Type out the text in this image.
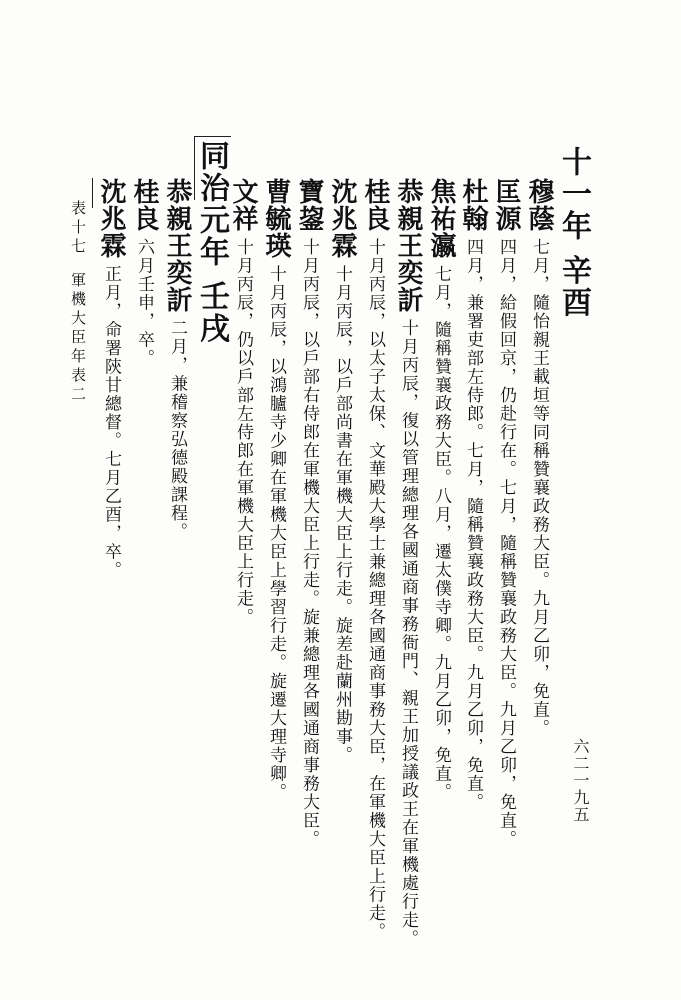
十一年 辛酉
穆蔭七月，隨怡親王載垣等同稱贊襄政務大臣。九月乙卯，免直。
匡源四月，給假回京，仍赴行在。七月，隨稱贊襄政務大臣。九月乙卯，免直。
杜翰四月，兼署吏部左侍郎。七月，隨稱贊襄政務大臣。九月乙卯，免直。
焦祐瀛七月，隨稱贊襄政務大臣。八月，遷太僕寺卿。九月乙卯，免直。
恭親王奕訢十月丙辰，復以管理總理各國通商事務衙門、親王加授議政王在軍機處行走。
桂良十月丙辰，以太子太保、文華殿大學士兼總理各國通商事務大臣，在軍機大臣上行走。
沈兆霖十月丙辰，以戶部尚書在軍機大臣上行走。旋差赴蘭州勘事。
寶鋆十月丙辰，以戶部右侍郎在軍機大臣上行走。旋兼總理各國通商事務大臣。
曹毓瑛十月丙辰，以鴻臚寺少卿在軍機大臣上學習行走。旋遷大理寺卿。
文祥十月丙辰，仍以戶部左侍郎在軍機大臣上行走。
同治元年 壬戌
恭親王奕訢二月，兼稽察弘德殿課程。
桂良六月壬申，卒。
沈兆霖正月，命署陝甘總督。七月乙酉，卒。
表十七
軍機大臣年表二
六二一九五
